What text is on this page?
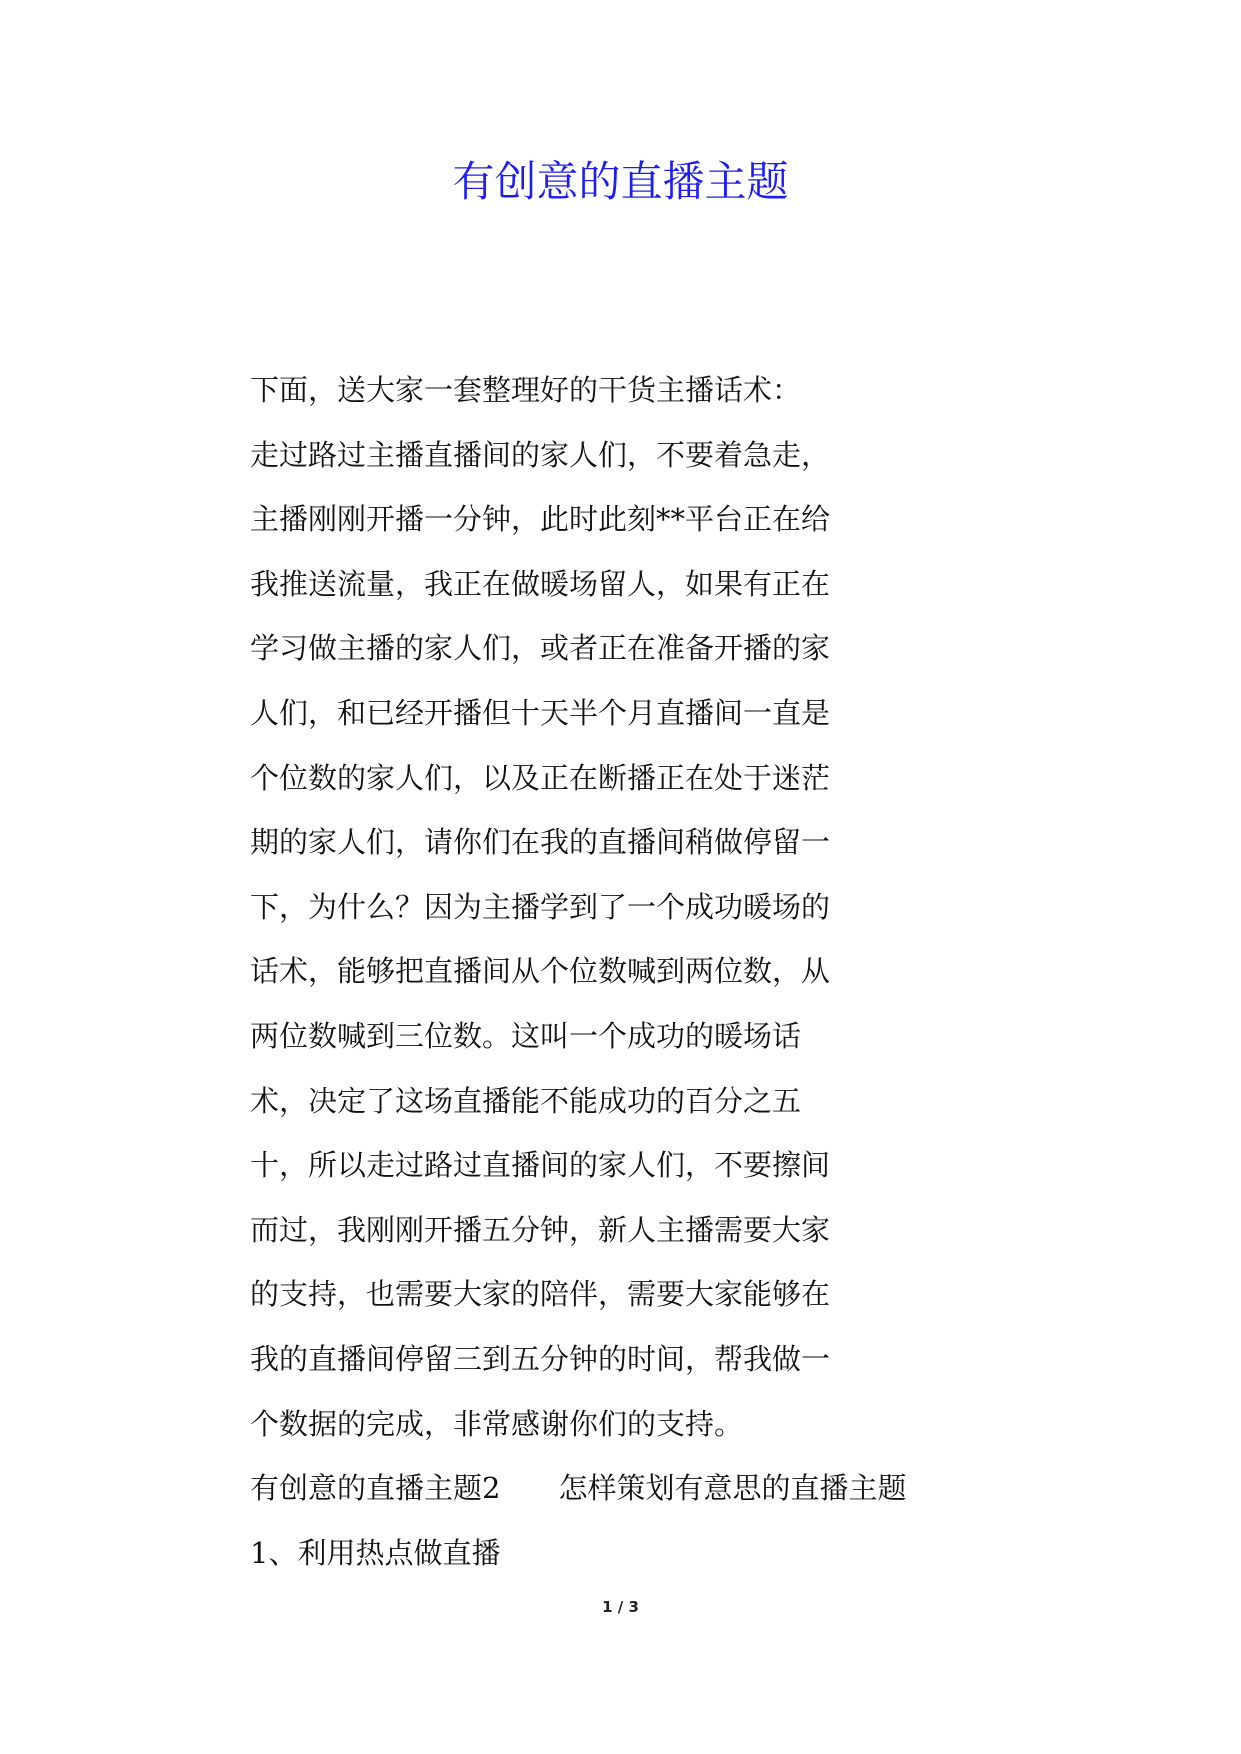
有创意的直播主题
下面，送大家一套整理好的干货主播话术：
走过路过主播直播间的家人们，不要着急走，
主播刚刚开播一分钟，此时此刻**平台正在给
我推送流量，我正在做暖场留人，如果有正在
学习做主播的家人们，或者正在准备开播的家
人们，和已经开播但十天半个月直播间一直是
个位数的家人们，以及正在断播正在处于迷茫
期的家人们，请你们在我的直播间稍做停留一
下，为什么？因为主播学到了一个成功暖场的
话术，能够把直播间从个位数喊到两位数，从
两位数喊到三位数。这叫一个成功的暖场话
术，决定了这场直播能不能成功的百分之五
十，所以走过路过直播间的家人们，不要擦间
而过，我刚刚开播五分钟，新人主播需要大家
的支持，也需要大家的陪伴，需要大家能够在
我的直播间停留三到五分钟的时间，帮我做一
个数据的完成，非常感谢你们的支持。
有创意的直播主题2　　怎样策划有意思的直播主题
1、利用热点做直播
1 / 3
